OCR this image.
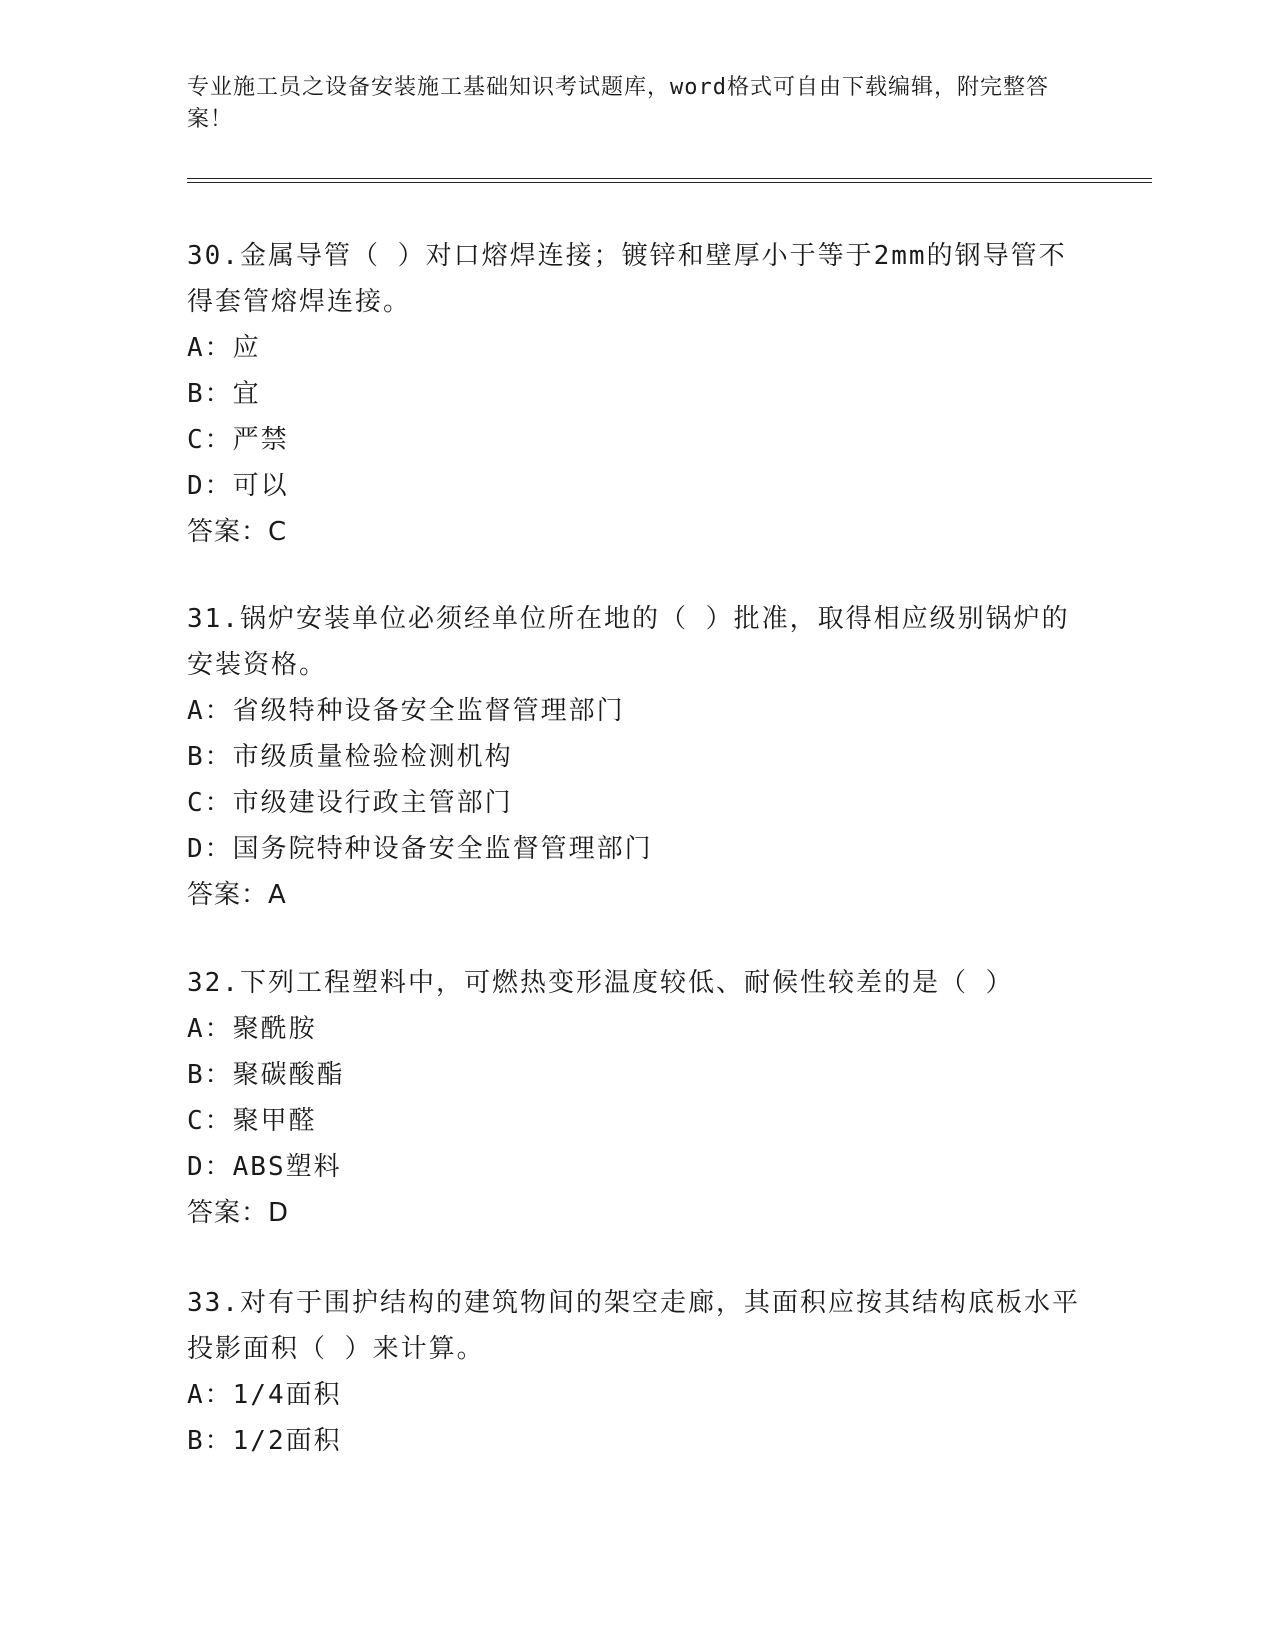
专业施工员之设备安装施工基础知识考试题库，word格式可自由下载编辑，附完整答案！

30.金属导管（ ）对口熔焊连接；镀锌和壁厚小于等于2mm的钢导管不得套管熔焊连接。

A：应

B：宜

C：严禁

D：可以

答案：C

31.锅炉安装单位必须经单位所在地的（ ）批准，取得相应级别锅炉的安装资格。

A：省级特种设备安全监督管理部门

B：市级质量检验检测机构

C：市级建设行政主管部门

D：国务院特种设备安全监督管理部门

答案：A

32.下列工程塑料中，可燃热变形温度较低、耐候性较差的是（ ）

A：聚酰胺

B：聚碳酸酯

C：聚甲醛

D：ABS塑料

答案：D

33.对有于围护结构的建筑物间的架空走廊，其面积应按其结构底板水平投影面积（ ）来计算。

A：1/4面积

B：1/2面积
